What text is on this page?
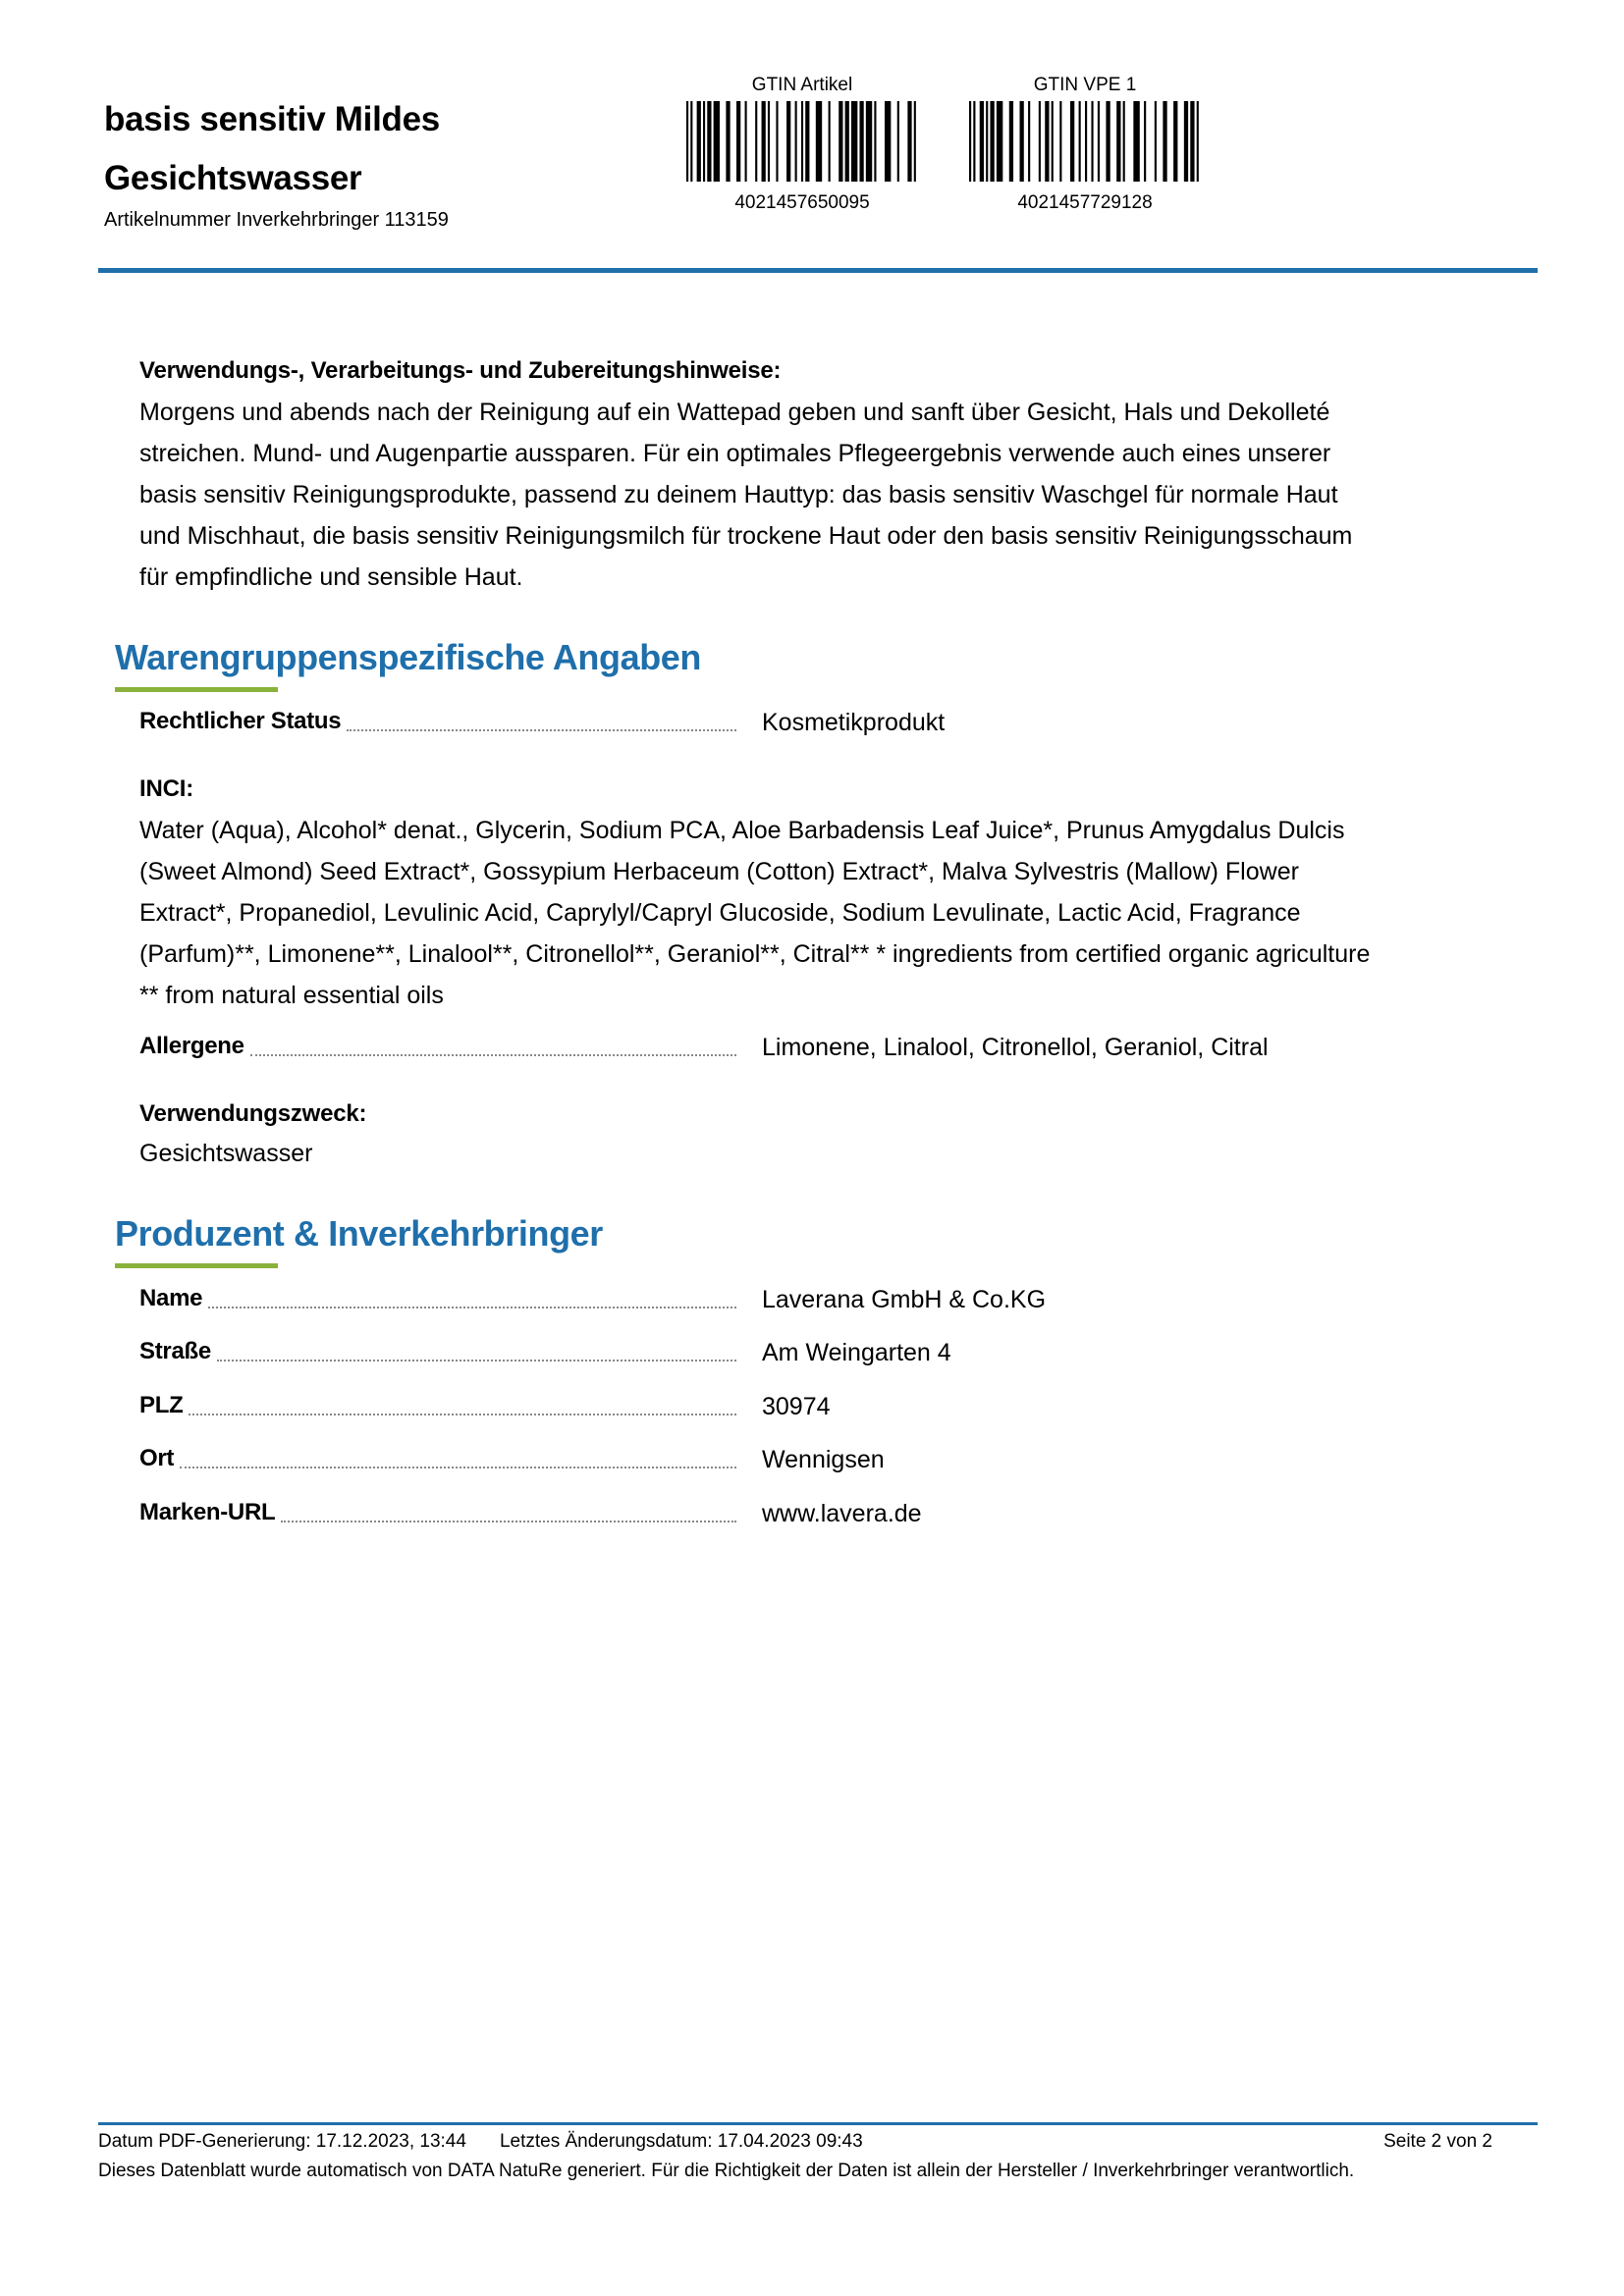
basis sensitiv Mildes Gesichtswasser
Artikelnummer Inverkehrbringer 113159
GTIN Artikel
4021457650095
GTIN VPE 1
4021457729128
Verwendungs-, Verarbeitungs- und Zubereitungshinweise:
Morgens und abends nach der Reinigung auf ein Wattepad geben und sanft über Gesicht, Hals und Dekolleté streichen. Mund- und Augenpartie aussparen. Für ein optimales Pflegeergebnis verwende auch eines unserer basis sensitiv Reinigungsprodukte, passend zu deinem Hauttyp: das basis sensitiv Waschgel für normale Haut und Mischhaut, die basis sensitiv Reinigungsmilch für trockene Haut oder den basis sensitiv Reinigungsschaum für empfindliche und sensible Haut.
Warengruppenspezifische Angaben
Rechtlicher Status	Kosmetikprodukt
INCI:
Water (Aqua), Alcohol* denat., Glycerin, Sodium PCA, Aloe Barbadensis Leaf Juice*, Prunus Amygdalus Dulcis (Sweet Almond) Seed Extract*, Gossypium Herbaceum (Cotton) Extract*, Malva Sylvestris (Mallow) Flower Extract*, Propanediol, Levulinic Acid, Caprylyl/Capryl Glucoside, Sodium Levulinate, Lactic Acid, Fragrance (Parfum)**, Limonene**, Linalool**, Citronellol**, Geraniol**, Citral** * ingredients from certified organic agriculture ** from natural essential oils
Allergene	Limonene, Linalool, Citronellol, Geraniol, Citral
Verwendungszweck:
Gesichtswasser
Produzent & Inverkehrbringer
Name	Laverana GmbH & Co.KG
Straße	Am Weingarten 4
PLZ	30974
Ort	Wennigsen
Marken-URL	www.lavera.de
Datum PDF-Generierung: 17.12.2023, 13:44 Letztes Änderungsdatum: 17.04.2023 09:43	Seite 2 von 2
Dieses Datenblatt wurde automatisch von DATA NatuRe generiert. Für die Richtigkeit der Daten ist allein der Hersteller / Inverkehrbringer verantwortlich.
